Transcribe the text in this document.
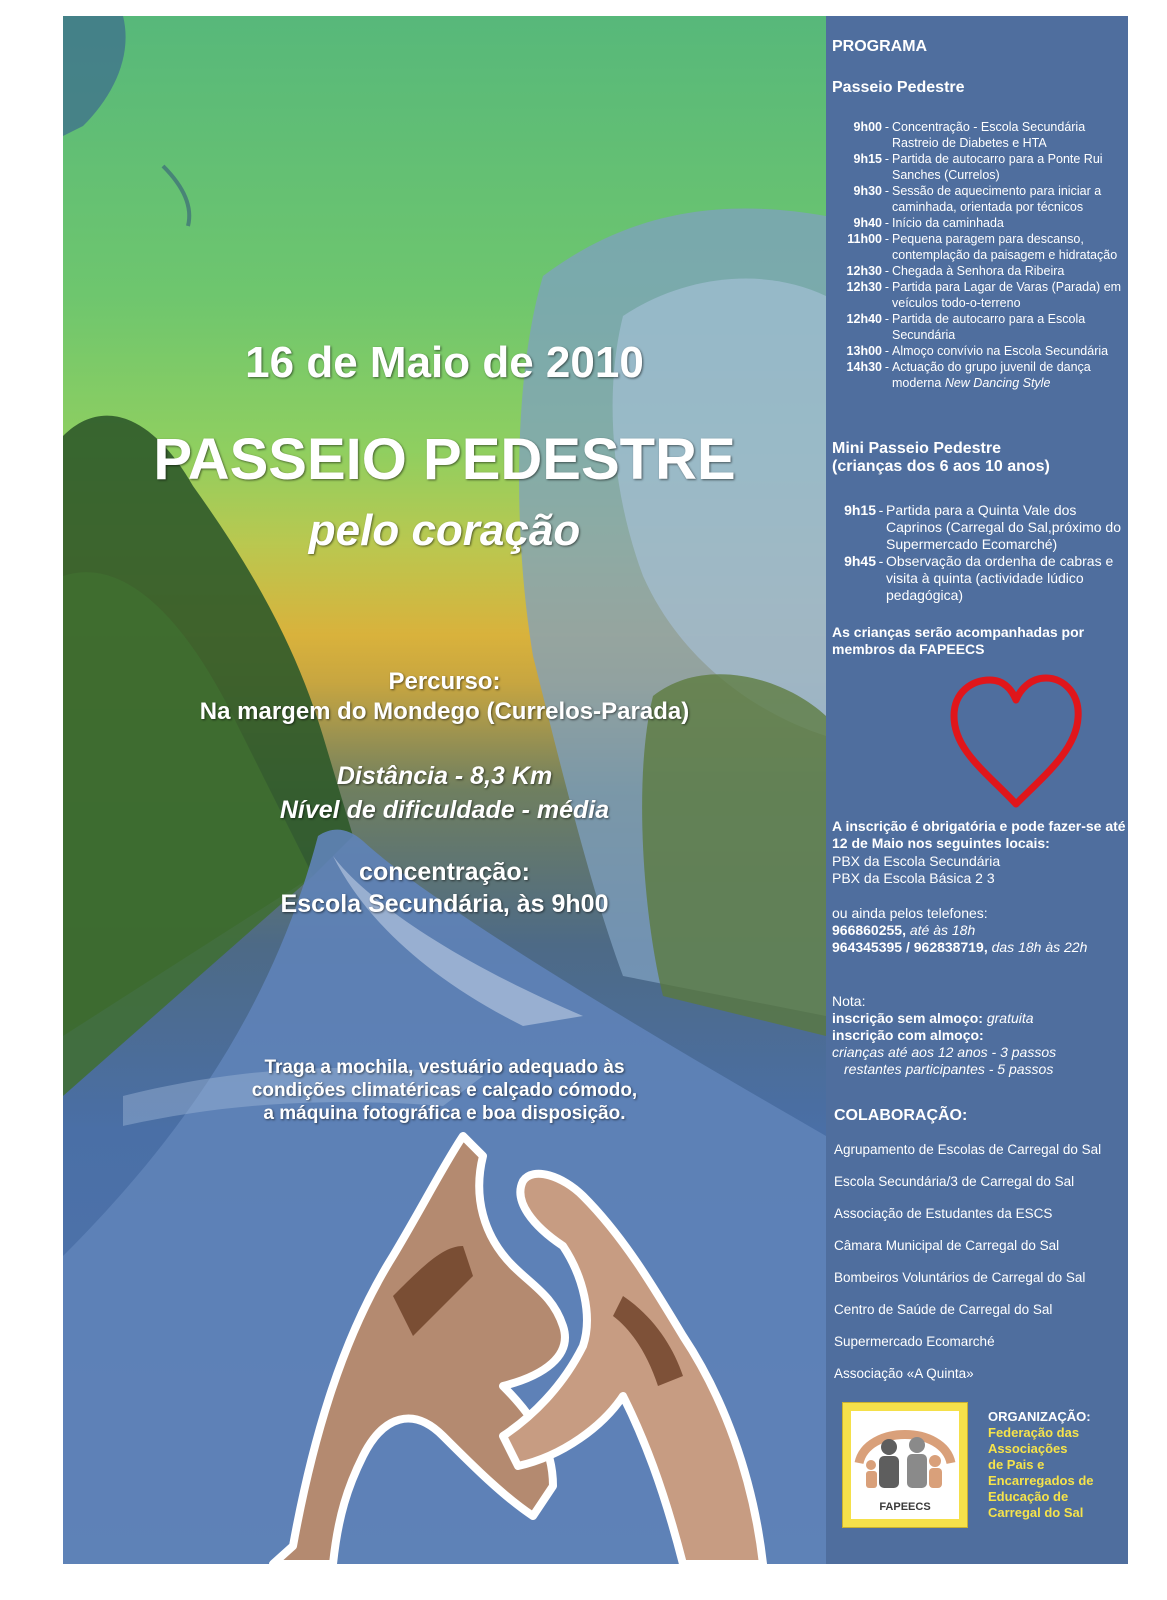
16 de Maio de 2010
PASSEIO PEDESTRE
pelo coração
Percurso:
Na margem do Mondego (Currelos-Parada)
Distância - 8,3 Km
Nível de dificuldade - média
concentração:
Escola Secundária, às 9h00
Traga a mochila, vestuário adequado às
condições climatéricas e calçado cómodo,
a máquina fotográfica e boa disposição.
PROGRAMA
Passeio Pedestre
9h00 - Concentração - Escola Secundária Rastreio de Diabetes e HTA
9h15 - Partida de autocarro para a Ponte Rui Sanches (Currelos)
9h30 - Sessão de aquecimento para iniciar a caminhada, orientada por técnicos
9h40 - Início da caminhada
11h00 - Pequena paragem para descanso, contemplação da paisagem e hidratação
12h30 - Chegada à Senhora da Ribeira
12h30 - Partida para Lagar de Varas (Parada) em veículos todo-o-terreno
12h40 - Partida de autocarro para a Escola Secundária
13h00 - Almoço convívio na Escola Secundária
14h30 - Actuação do grupo juvenil de dança moderna New Dancing Style
Mini Passeio Pedestre
(crianças dos 6 aos 10 anos)
9h15 - Partida para a Quinta Vale dos Caprinos (Carregal do Sal,próximo do Supermercado Ecomarché)
9h45 - Observação da ordenha de cabras e visita à quinta (actividade lúdico pedagógica)
As crianças serão acompanhadas por membros da FAPEECS
A inscrição é obrigatória e pode fazer-se até 12 de Maio nos seguintes locais:
PBX da Escola Secundária
PBX da Escola Básica 2 3
ou ainda pelos telefones:
966860255, até às 18h
964345395 / 962838719, das 18h às 22h
Nota:
inscrição sem almoço: gratuita
inscrição com almoço:
crianças até aos 12 anos - 3 passos
restantes participantes - 5 passos
COLABORAÇÃO:
Agrupamento de Escolas de Carregal do Sal
Escola Secundária/3 de Carregal do Sal
Associação de Estudantes da ESCS
Câmara Municipal de Carregal do Sal
Bombeiros Voluntários de Carregal do Sal
Centro de Saúde de Carregal do Sal
Supermercado Ecomarché
Associação «A Quinta»
FAPEECS
ORGANIZAÇÃO:
Federação das
Associações
de Pais e
Encarregados de
Educação de
Carregal do Sal
